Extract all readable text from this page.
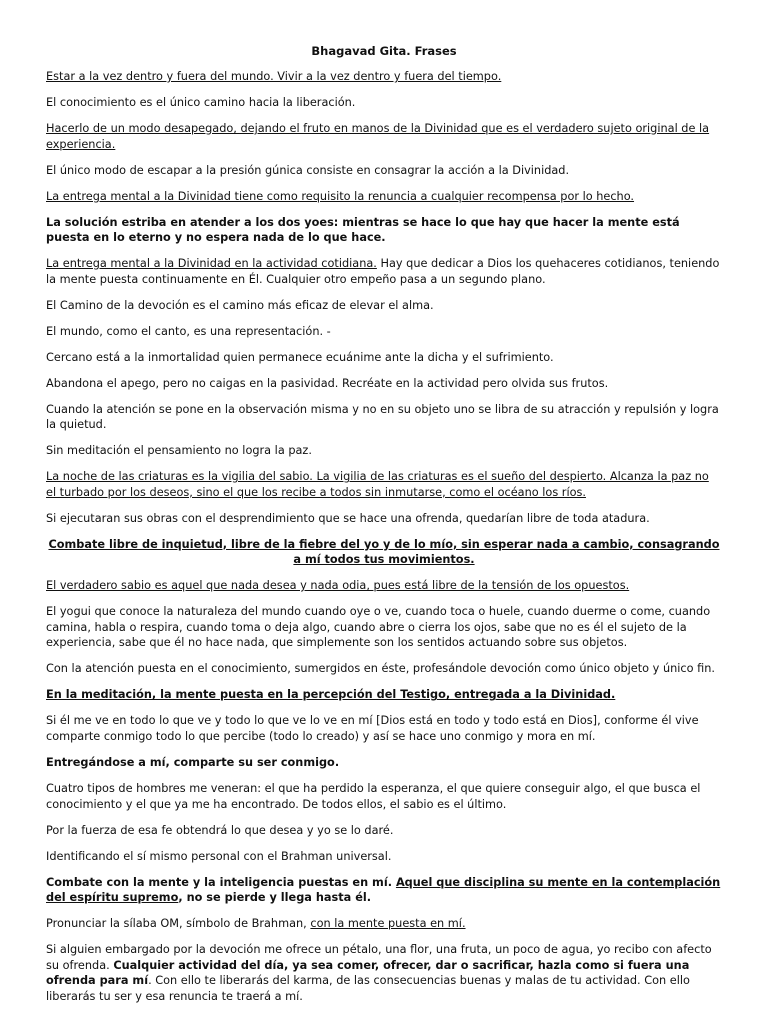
Bhagavad Gita. Frases

Estar a la vez dentro y fuera del mundo. Vivir a la vez dentro y fuera del tiempo.

El conocimiento es el único camino hacia la liberación.

Hacerlo de un modo desapegado, dejando el fruto en manos de la Divinidad que es el verdadero sujeto original de la experiencia.

El único modo de escapar a la presión gúnica consiste en consagrar la acción a la Divinidad.

La entrega mental a la Divinidad tiene como requisito la renuncia a cualquier recompensa por lo hecho.

La solución estriba en atender a los dos yoes: mientras se hace lo que hay que hacer la mente está puesta en lo eterno y no espera nada de lo que hace.

La entrega mental a la Divinidad en la actividad cotidiana. Hay que dedicar a Dios los quehaceres cotidianos, teniendo la mente puesta continuamente en Él. Cualquier otro empeño pasa a un segundo plano.

El Camino de la devoción es el camino más eficaz de elevar el alma.

El mundo, como el canto, es una representación. -

Cercano está a la inmortalidad quien permanece ecuánime ante la dicha y el sufrimiento.

Abandona el apego, pero no caigas en la pasividad. Recréate en la actividad pero olvida sus frutos.

Cuando la atención se pone en la observación misma y no en su objeto uno se libra de su atracción y repulsión y logra la quietud.

Sin meditación el pensamiento no logra la paz.

La noche de las criaturas es la vigilia del sabio. La vigilia de las criaturas es el sueño del despierto. Alcanza la paz no el turbado por los deseos, sino el que los recibe a todos sin inmutarse, como el océano los ríos.

Si ejecutaran sus obras con el desprendimiento que se hace una ofrenda, quedarían libre de toda atadura.

Combate libre de inquietud, libre de la fiebre del yo y de lo mío, sin esperar nada a cambio, consagrando a mí todos tus movimientos.

El verdadero sabio es aquel que nada desea y nada odia, pues está libre de la tensión de los opuestos.

El yogui que conoce la naturaleza del mundo cuando oye o ve, cuando toca o huele, cuando duerme o come, cuando camina, habla o respira, cuando toma o deja algo, cuando abre o cierra los ojos, sabe que no es él el sujeto de la experiencia, sabe que él no hace nada, que simplemente son los sentidos actuando sobre sus objetos.

Con la atención puesta en el conocimiento, sumergidos en éste, profesándole devoción como único objeto y único fin.

En la meditación, la mente puesta en la percepción del Testigo, entregada a la Divinidad.

Si él me ve en todo lo que ve y todo lo que ve lo ve en mí [Dios está en todo y todo está en Dios], conforme él vive comparte conmigo todo lo que percibe (todo lo creado) y así se hace uno conmigo y mora en mí.

Entregándose a mí, comparte su ser conmigo.

Cuatro tipos de hombres me veneran: el que ha perdido la esperanza, el que quiere conseguir algo, el que busca el conocimiento y el que ya me ha encontrado. De todos ellos, el sabio es el último.

Por la fuerza de esa fe obtendrá lo que desea y yo se lo daré.

Identificando el sí mismo personal con el Brahman universal.

Combate con la mente y la inteligencia puestas en mí. Aquel que disciplina su mente en la contemplación del espíritu supremo, no se pierde y llega hasta él.

Pronunciar la sílaba OM, símbolo de Brahman, con la mente puesta en mí.

Si alguien embargado por la devoción me ofrece un pétalo, una flor, una fruta, un poco de agua, yo recibo con afecto su ofrenda. Cualquier actividad del día, ya sea comer, ofrecer, dar o sacrificar, hazla como si fuera una ofrenda para mí. Con ello te liberarás del karma, de las consecuencias buenas y malas de tu actividad. Con ello liberarás tu ser y esa renuncia te traerá a mí.
